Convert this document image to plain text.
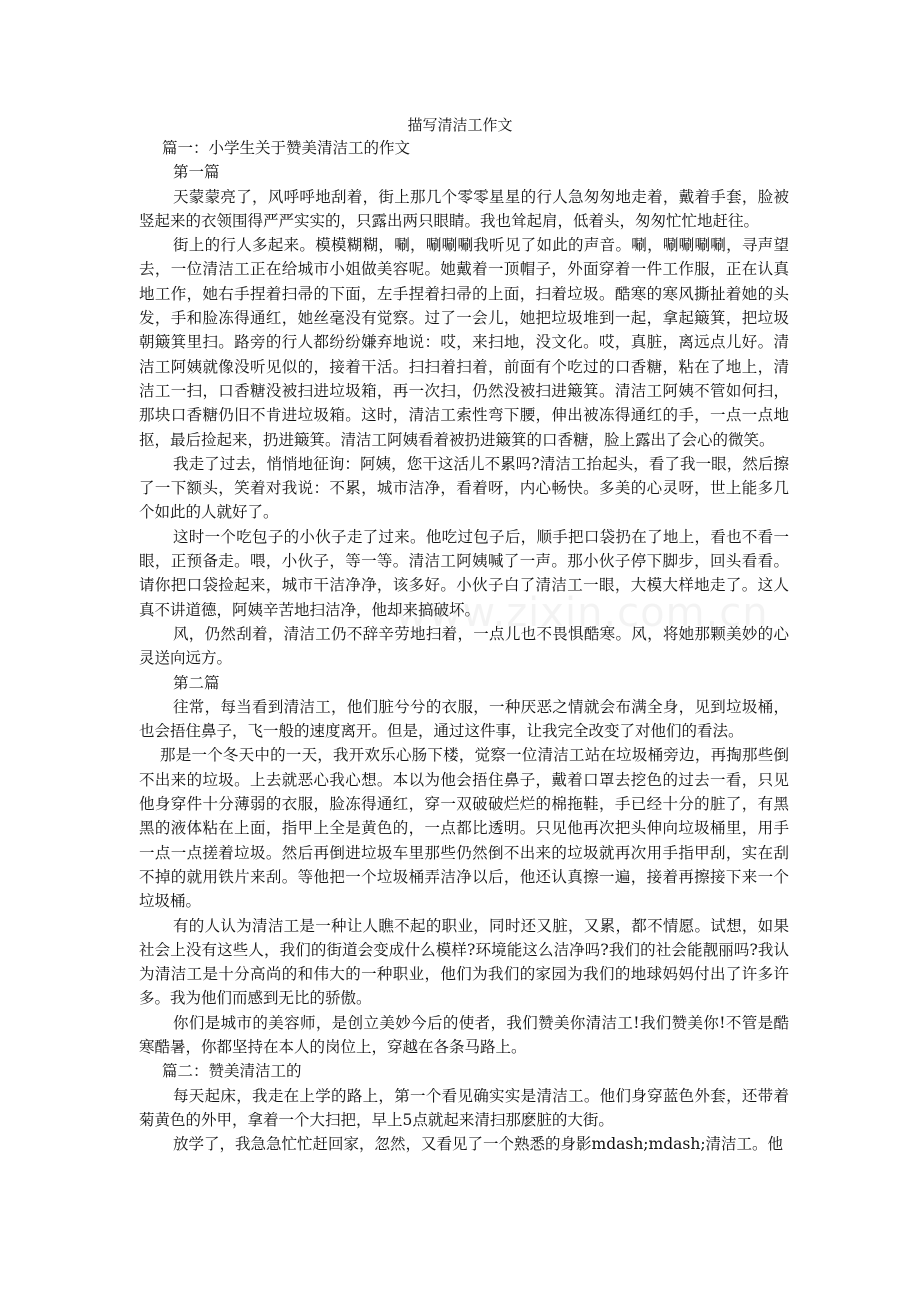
描写清洁工作文

篇一：小学生关于赞美清洁工的作文

第一篇

天蒙蒙亮了，风呼呼地刮着，街上那几个零零星星的行人急匆匆地走着，戴着手套，脸被竖起来的衣领围得严严实实的，只露出两只眼睛。我也耸起肩，低着头，匆匆忙忙地赶往。

街上的行人多起来。模模糊糊，唰，唰唰唰我听见了如此的声音。唰，唰唰唰唰，寻声望去，一位清洁工正在给城市小姐做美容呢。她戴着一顶帽子，外面穿着一件工作服，正在认真地工作，她右手捏着扫帚的下面，左手捏着扫帚的上面，扫着垃圾。酷寒的寒风撕扯着她的头发，手和脸冻得通红，她丝毫没有觉察。过了一会儿，她把垃圾堆到一起，拿起簸箕，把垃圾朝簸箕里扫。路旁的行人都纷纷嫌弃地说：哎，来扫地，没文化。哎，真脏，离远点儿好。清洁工阿姨就像没听见似的，接着干活。扫扫着扫着，前面有个吃过的口香糖，粘在了地上，清洁工一扫，口香糖没被扫进垃圾箱，再一次扫，仍然没被扫进簸箕。清洁工阿姨不管如何扫，那块口香糖仍旧不肯进垃圾箱。这时，清洁工索性弯下腰，伸出被冻得通红的手，一点一点地抠，最后捡起来，扔进簸箕。清洁工阿姨看着被扔进簸箕的口香糖，脸上露出了会心的微笑。

我走了过去，悄悄地征询：阿姨，您干这活儿不累吗?清洁工抬起头，看了我一眼，然后擦了一下额头，笑着对我说：不累，城市洁净，看着呀，内心畅快。多美的心灵呀，世上能多几个如此的人就好了。

这时一个吃包子的小伙子走了过来。他吃过包子后，顺手把口袋扔在了地上，看也不看一眼，正预备走。喂，小伙子，等一等。清洁工阿姨喊了一声。那小伙子停下脚步，回头看看。请你把口袋捡起来，城市干洁净净，该多好。小伙子白了清洁工一眼，大模大样地走了。这人真不讲道德，阿姨辛苦地扫洁净，他却来搞破坏。

风，仍然刮着，清洁工仍不辞辛劳地扫着，一点儿也不畏惧酷寒。风，将她那颗美妙的心灵送向远方。

第二篇

往常，每当看到清洁工，他们脏兮兮的衣服，一种厌恶之情就会布满全身，见到垃圾桶，也会捂住鼻子，飞一般的速度离开。但是，通过这件事，让我完全改变了对他们的看法。

那是一个冬天中的一天，我开欢乐心肠下楼，觉察一位清洁工站在垃圾桶旁边，再掏那些倒不出来的垃圾。上去就恶心我心想。本以为他会捂住鼻子，戴着口罩去挖色的过去一看，只见他身穿件十分薄弱的衣服，脸冻得通红，穿一双破破烂烂的棉拖鞋，手已经十分的脏了，有黑黑的液体粘在上面，指甲上全是黄色的，一点都比透明。只见他再次把头伸向垃圾桶里，用手一点一点搓着垃圾。然后再倒进垃圾车里那些仍然倒不出来的垃圾就再次用手指甲刮，实在刮不掉的就用铁片来刮。等他把一个垃圾桶弄洁净以后，他还认真擦一遍，接着再擦接下来一个垃圾桶。

有的人认为清洁工是一种让人瞧不起的职业，同时还又脏，又累，都不情愿。试想，如果社会上没有这些人，我们的街道会变成什么模样?环境能这么洁净吗?我们的社会能靓丽吗?我认为清洁工是十分高尚的和伟大的一种职业，他们为我们的家园为我们的地球妈妈付出了许多许多。我为他们而感到无比的骄傲。

你们是城市的美容师，是创立美妙今后的使者，我们赞美你清洁工!我们赞美你!不管是酷寒酷暑，你都坚持在本人的岗位上，穿越在各条马路上。

篇二：赞美清洁工的

每天起床，我走在上学的路上，第一个看见确实实是清洁工。他们身穿蓝色外套，还带着菊黄色的外甲，拿着一个大扫把，早上5点就起来清扫那麽脏的大街。

放学了，我急急忙忙赶回家，忽然，又看见了一个熟悉的身影mdash;mdash;清洁工。他
